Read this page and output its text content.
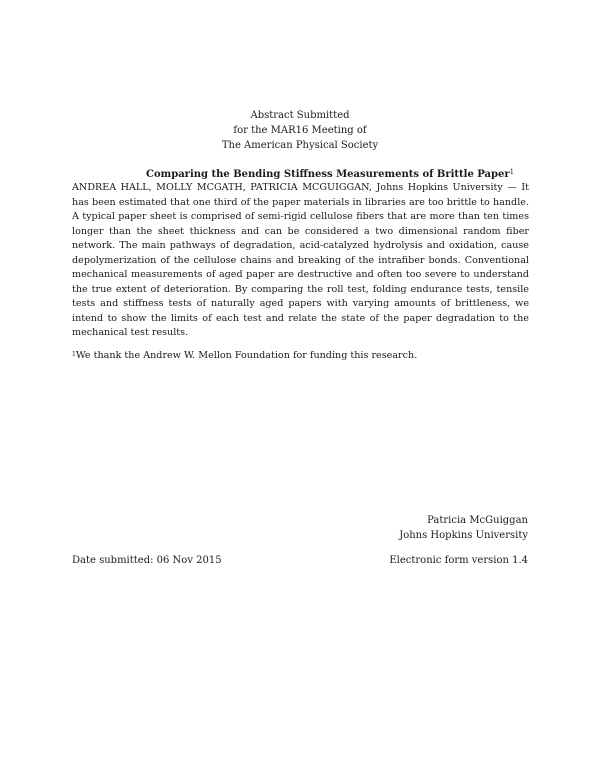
Abstract Submitted
for the MAR16 Meeting of
The American Physical Society
Comparing the Bending Stiffness Measurements of Brittle Paper$^1$
ANDREA HALL, MOLLY MCGATH, PATRICIA MCGUIGGAN, Johns Hopkins University — It has been estimated that one third of the paper materials in libraries are too brittle to handle. A typical paper sheet is comprised of semi-rigid cellulose fibers that are more than ten times longer than the sheet thickness and can be considered a two dimensional random fiber network. The main pathways of degradation, acid-catalyzed hydrolysis and oxidation, cause depolymerization of the cellulose chains and breaking of the intrafiber bonds. Conventional mechanical measurements of aged paper are destructive and often too severe to understand the true extent of deterioration. By comparing the roll test, folding endurance tests, tensile tests and stiffness tests of naturally aged papers with varying amounts of brittleness, we intend to show the limits of each test and relate the state of the paper degradation to the mechanical test results.
$^1$We thank the Andrew W. Mellon Foundation for funding this research.
Patricia McGuiggan
Johns Hopkins University
Date submitted: 06 Nov 2015	Electronic form version 1.4
